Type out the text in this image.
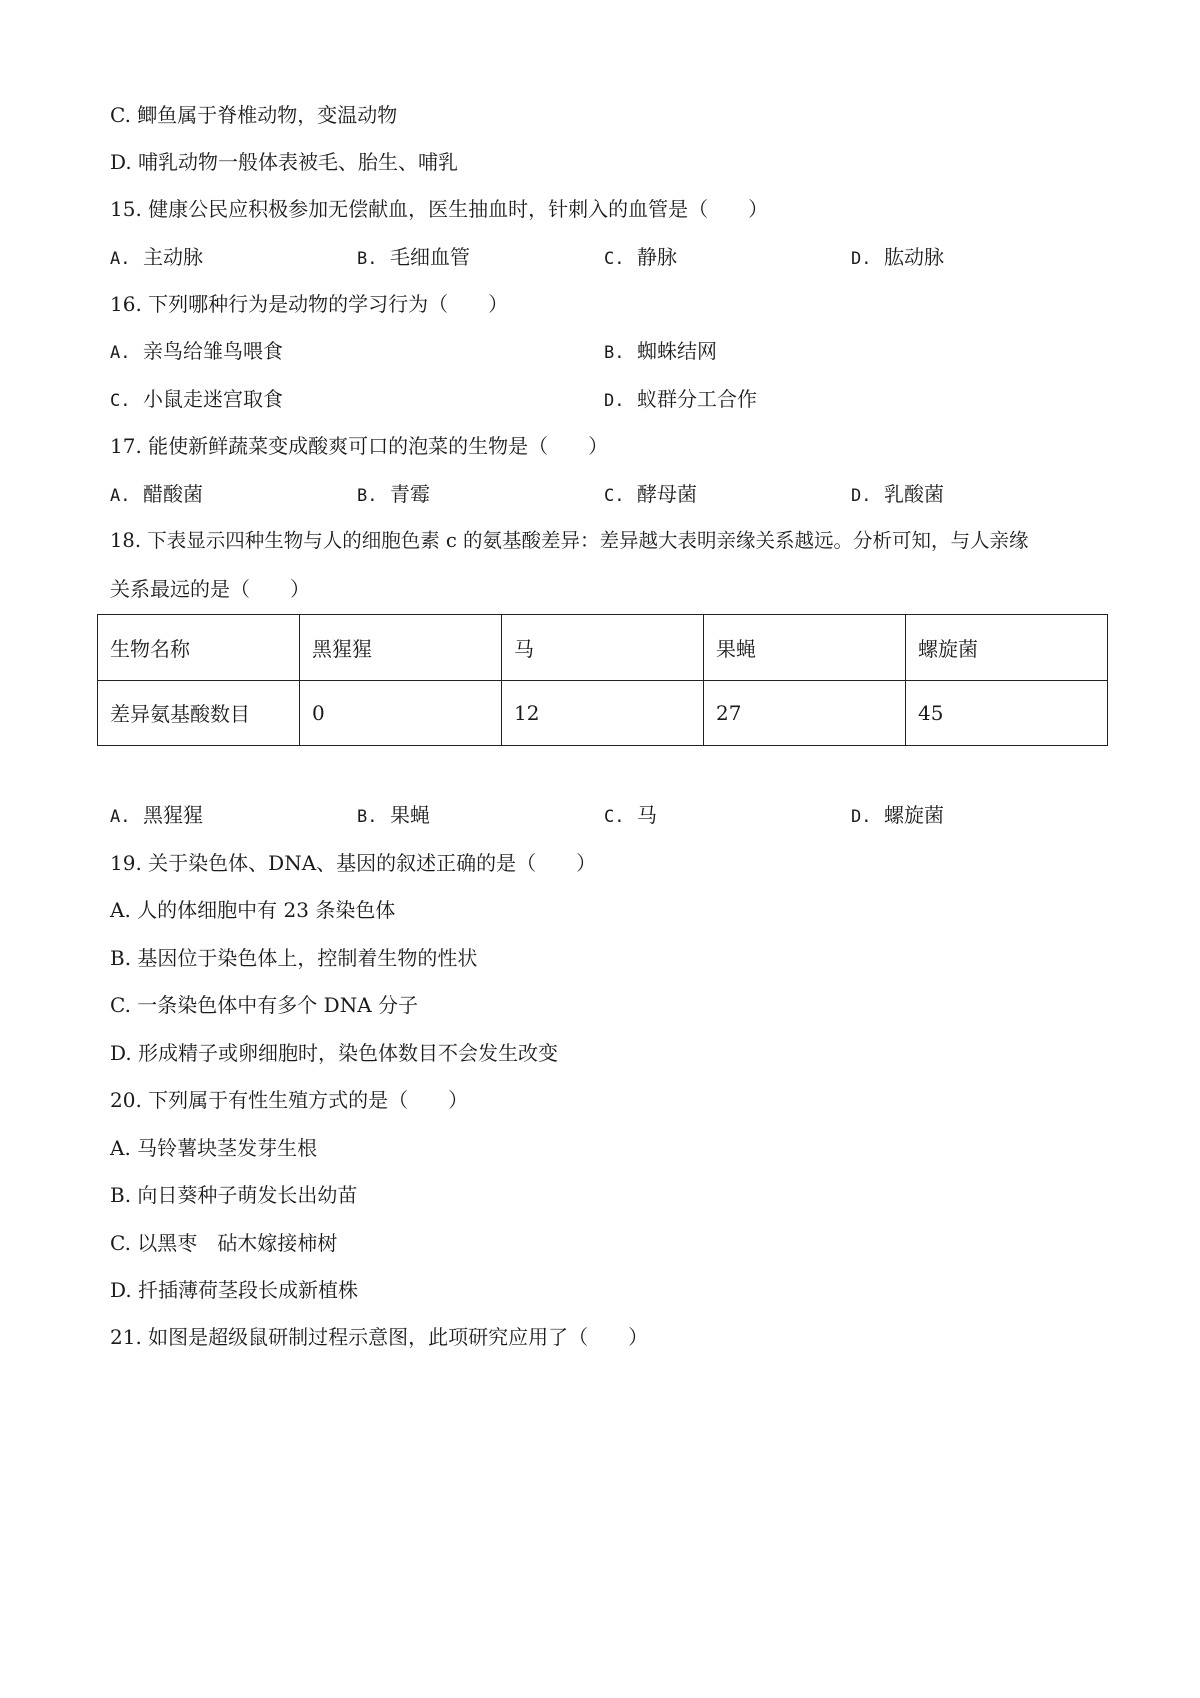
C. 鲫鱼属于脊椎动物，变温动物
D. 哺乳动物一般体表被毛、胎生、哺乳
15. 健康公民应积极参加无偿献血，医生抽血时，针刺入的血管是（　　）
A. 主动脉	B. 毛细血管	C. 静脉	D. 肱动脉
16. 下列哪种行为是动物的学习行为（　　）
A. 亲鸟给雏鸟喂食	B. 蜘蛛结网
C. 小鼠走迷宫取食	D. 蚁群分工合作
17. 能使新鲜蔬菜变成酸爽可口的泡菜的生物是（　　）
A. 醋酸菌	B. 青霉	C. 酵母菌	D. 乳酸菌
18. 下表显示四种生物与人的细胞色素 c 的氨基酸差异：差异越大表明亲缘关系越远。分析可知，与人亲缘
关系最远的是（　　）
生物名称	黑猩猩	马	果蝇	螺旋菌
差异氨基酸数目	0	12	27	45
A. 黑猩猩	B. 果蝇	C. 马	D. 螺旋菌
19. 关于染色体、DNA、基因的叙述正确的是（　　）
A. 人的体细胞中有 23 条染色体
B. 基因位于染色体上，控制着生物的性状
C. 一条染色体中有多个 DNA 分子
D. 形成精子或卵细胞时，染色体数目不会发生改变
20. 下列属于有性生殖方式的是（　　）
A. 马铃薯块茎发芽生根
B. 向日葵种子萌发长出幼苗
C. 以黑枣　砧木嫁接柿树
D. 扦插薄荷茎段长成新植株
21. 如图是超级鼠研制过程示意图，此项研究应用了（　　）
